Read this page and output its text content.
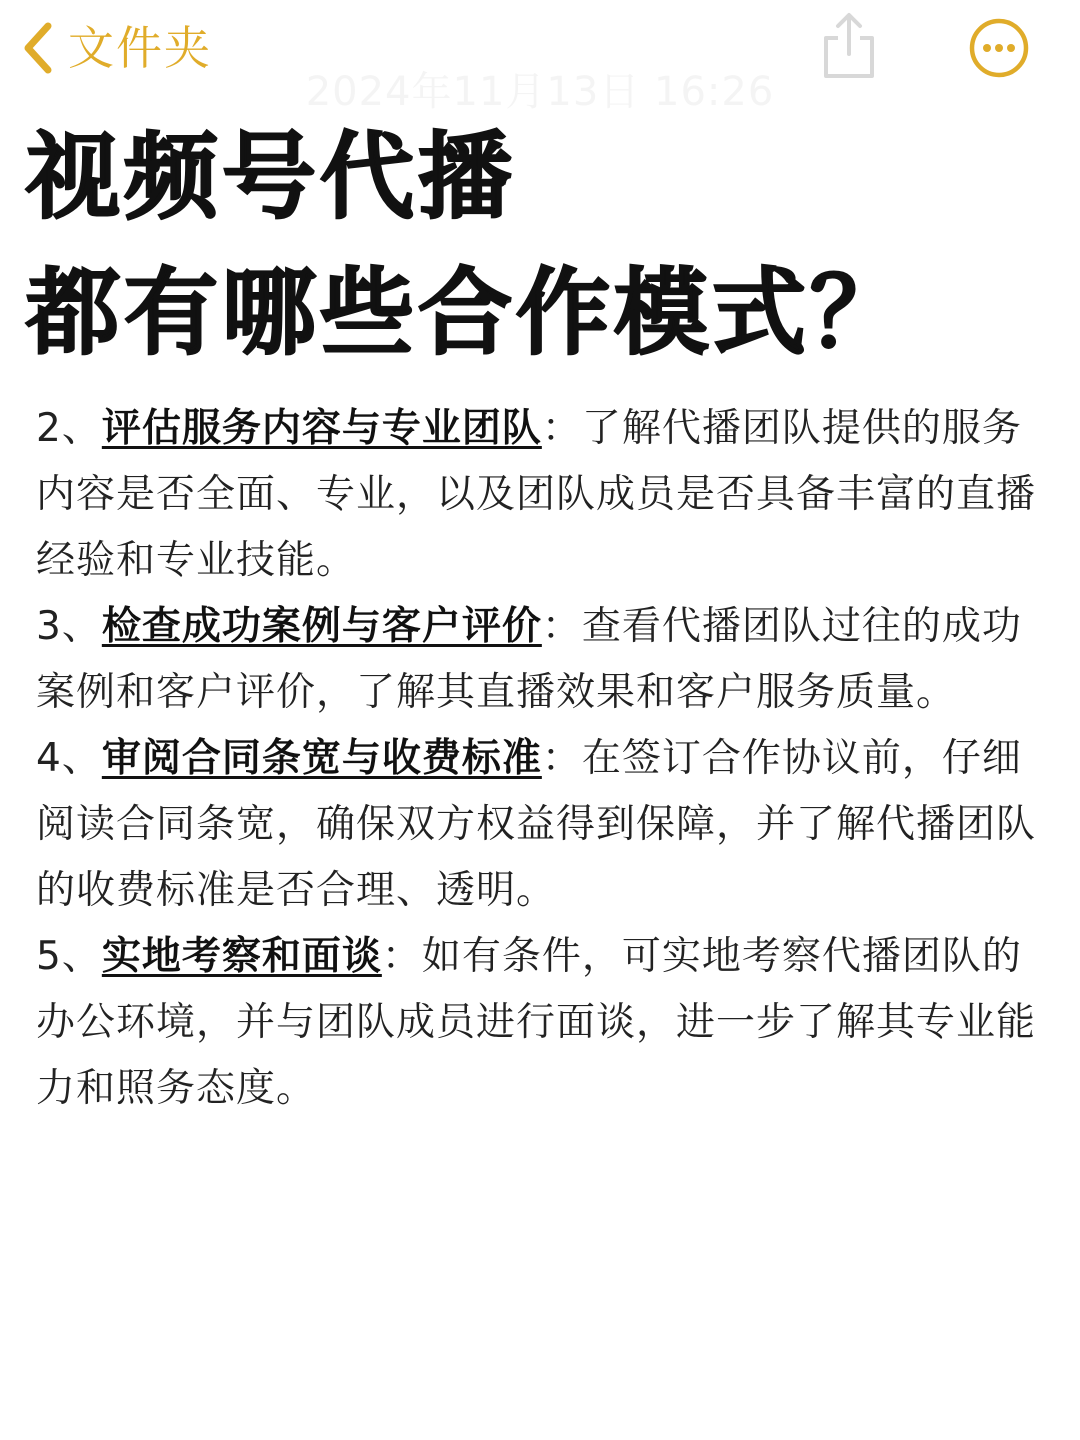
文件夹
2024年11月13日 16:26
视频号代播
都有哪些合作模式？

2、评估服务内容与专业团队：了解代播团队提供的服务内容是否全面、专业，以及团队成员是否具备丰富的直播经验和专业技能。

3、检查成功案例与客户评价：查看代播团队过往的成功案例和客户评价，了解其直播效果和客户服务质量。

4、审阅合同条宽与收费标准：在签订合作协议前，仔细阅读合同条宽，确保双方权益得到保障，并了解代播团队的收费标准是否合理、透明。

5、实地考察和面谈：如有条件，可实地考察代播团队的办公环境，并与团队成员进行面谈，进一步了解其专业能力和照务态度。
